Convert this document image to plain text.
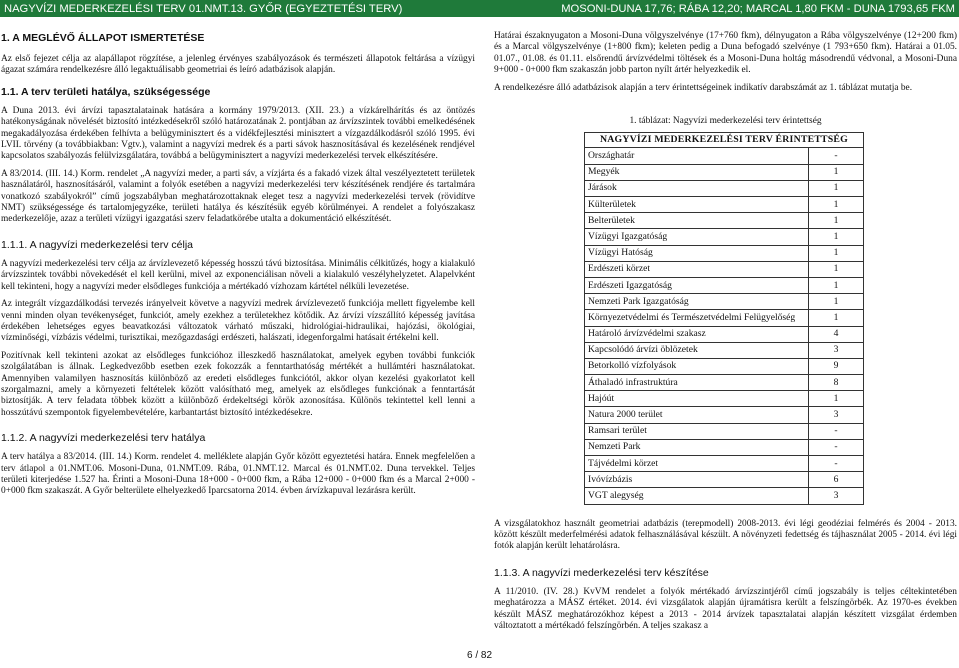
NAGYVÍZI MEDERKEZELÉSI TERV 01.NMT.13. GYŐR (EGYEZTETÉSI TERV)	MOSONI-DUNA 17,76; RÁBA 12,20; MARCAL 1,80 FKM - DUNA 1793,65 FKM
1. A MEGLÉVŐ ÁLLAPOT ISMERTETÉSE

Az első fejezet célja az alapállapot rögzítése, a jelenleg érvényes szabályozások és természeti állapotok feltárása a vízügyi ágazat számára rendelkezésre álló legaktuálisabb geometriai és leíró adatbázisok alapján.

1.1. A terv területi hatálya, szükségessége

A Duna 2013. évi árvízi tapasztalatainak hatására a kormány 1979/2013. (XII. 23.) a vízkárelhárítás és az öntözés hatékonyságának növelését biztosító intézkedésekről szóló határozatának 2. pontjában az árvízszintek további emelkedésének megakadályozása érdekében felhívta a belügyminisztert és a vidékfejlesztési minisztert a vízgazdálkodásról szóló 1995. évi LVII. törvény (a továbbiakban: Vgtv.), valamint a nagyvízi medrek és a parti sávok hasznosításával és kezelésének rendjével kapcsolatos szabályozás felülvizsgálatára, továbbá a belügyminisztert a nagyvízi mederkezelési tervek elkészítésére.

A 83/2014. (III. 14.) Korm. rendelet „A nagyvízi meder, a parti sáv, a vízjárta és a fakadó vizek által veszélyeztetett területek használatáról, hasznosításáról, valamint a folyók esetében a nagyvízi mederkezelési terv készítésének rendjére és tartalmára vonatkozó szabályokról” című jogszabályban meghatározottaknak eleget tesz a nagyvízi mederkezelési tervek (rövidítve NMT) szükségessége és tartalomjegyzéke, területi hatálya és készítésük egyéb körülményei. A rendelet a folyószakasz mederkezelője, azaz a területi vízügyi igazgatási szerv feladatkörébe utalta a dokumentáció elkészítését.

1.1.1. A nagyvízi mederkezelési terv célja

A nagyvízi mederkezelési terv célja az árvízlevezető képesség hosszú távú biztosítása. Minimális célkitűzés, hogy a kialakuló árvízszintek további növekedését el kell kerülni, mivel az exponenciálisan növeli a kialakuló veszélyhelyzetet. Alapelvként kell tekinteni, hogy a nagyvízi meder elsődleges funkciója a mértékadó vízhozam kártétel nélküli levezetése.

Az integrált vízgazdálkodási tervezés irányelveit követve a nagyvízi medrek árvízlevezető funkciója mellett figyelembe kell venni minden olyan tevékenységet, funkciót, amely ezekhez a területekhez kötődik. Az árvízi vízszállító képesség javítása érdekében lehetséges egyes beavatkozási változatok várható műszaki, hidrológiai-hidraulikai, hajózási, ökológiai, vízminőségi, vízbázis védelmi, turisztikai, mezőgazdasági erdészeti, halászati, idegenforgalmi hatásait értékelni kell.

Pozitívnak kell tekinteni azokat az elsődleges funkcióhoz illeszkedő használatokat, amelyek egyben további funkciók szolgálatában is állnak. Legkedvezőbb esetben ezek fokozzák a fenntarthatóság mértékét a hullámtéri használatokat. Amennyiben valamilyen hasznosítás különböző az eredeti elsődleges funkciótól, akkor olyan kezelési gyakorlatot kell szorgalmazni, amely a környezeti feltételek között valósítható meg, amelyek az elsődleges funkciónak a fenntartását biztosítják. A terv feladata többek között a különböző érdekeltségi körök azonosítása. Különös tekintettel kell lenni a hosszútávú szempontok figyelembevételére, karbantartást biztosító intézkedésekre.

1.1.2. A nagyvízi mederkezelési terv hatálya

A terv hatálya a 83/2014. (III. 14.) Korm. rendelet 4. melléklete alapján Győr között egyeztetési határa. Ennek megfelelően a terv átlapol a 01.NMT.06. Mosoni-Duna, 01.NMT.09. Rába, 01.NMT.12. Marcal és 01.NMT.02. Duna tervekkel. Teljes területi kiterjedése 1.527 ha. Érinti a Mosoni-Duna 18+000 - 0+000 fkm, a Rába 12+000 - 0+000 fkm és a Marcal 2+000 - 0+000 fkm szakaszát. A Győr belterülete elhelyezkedő Iparcsatorna 2014. évben árvízkapuval lezárásra került.

Határai északnyugaton a Mosoni-Duna völgyszelvénye (17+760 fkm), délnyugaton a Rába völgyszelvénye (12+200 fkm) és a Marcal völgyszelvénye (1+800 fkm); keleten pedig a Duna befogadó szelvénye (1 793+650 fkm). Határai a 01.05. 01.07., 01.08. és 01.11. elsőrendű árvízvédelmi töltések és a Mosoni-Duna holtág másodrendű védvonal, a Mosoni-Duna 9+000 - 0+000 fkm szakaszán jobb parton nyílt ártér helyezkedik el.

A rendelkezésre álló adatbázisok alapján a terv érintettségeinek indikatív darabszámát az 1. táblázat mutatja be.

1. táblázat: Nagyvízi mederkezelési terv érintettség
NAGYVÍZI MEDERKEZELÉSI TERV ÉRINTETTSÉG	
Országhatár	-
Megyék	1
Járások	1
Külterületek	1
Belterületek	1
Vízügyi Igazgatóság	1
Vízügyi Hatóság	1
Erdészeti körzet	1
Erdészeti Igazgatóság	1
Nemzeti Park Igazgatóság	1
Környezetvédelmi és Természetvédelmi Felügyelőség	1
Határoló árvízvédelmi szakasz	4
Kapcsolódó árvízi öblözetek	3
Betorkolló vízfolyások	9
Áthaladó infrastruktúra	8
Hajóút	1
Natura 2000 terület	3
Ramsari terület	-
Nemzeti Park	-
Tájvédelmi körzet	-
Ivóvízbázis	6
VGT alegység	3

A vizsgálatokhoz használt geometriai adatbázis (terepmodell) 2008-2013. évi légi geodéziai felmérés és 2004 - 2013. között készült mederfelmérési adatok felhasználásával készült. A növényzeti fedettség és tájhasználat 2005 - 2014. évi légi fotók alapján került lehatárolásra.

1.1.3. A nagyvízi mederkezelési terv készítése

A 11/2010. (IV. 28.) KvVM rendelet a folyók mértékadó árvízszintjéről című jogszabály is teljes céltekintetében meghatározza a MÁSZ értéket. 2014. évi vizsgálatok alapján újramátisra került a felszíngörbék. Az 1970-es években készült MÁSZ meghatározókhoz képest a 2013 - 2014 árvízek tapasztalatai alapján készített vizsgálat érdemben változtatott a mértékadó felszíngörbén. A teljes szakasz a

6 / 82
